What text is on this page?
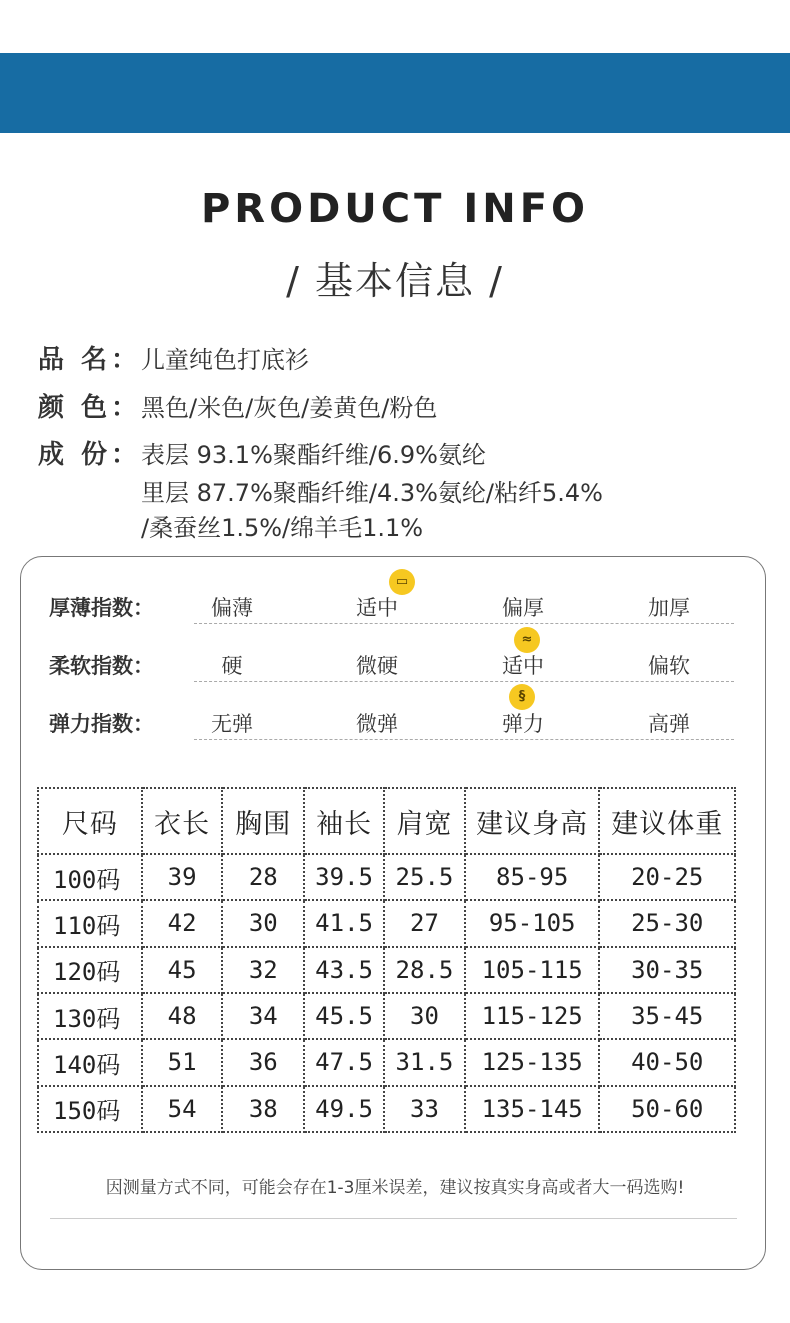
PRODUCT INFO
/ 基本信息 /
品 名： 儿童纯色打底衫
颜 色： 黑色/米色/灰色/姜黄色/粉色
成 份： 表层 93.1%聚酯纤维/6.9%氨纶
里层 87.7%聚酯纤维/4.3%氨纶/粘纤5.4%
/桑蚕丝1.5%/绵羊毛1.1%
厚薄指数：	偏薄	适中	偏厚	加厚
▭
柔软指数：	硬	微硬	适中	偏软
≈
弹力指数：	无弹	微弹	弹力	高弹
§
尺码	衣长	胸围	袖长	肩宽	建议身高	建议体重
100码	39	28	39.5	25.5	85-95	20-25
110码	42	30	41.5	27	95-105	25-30
120码	45	32	43.5	28.5	105-115	30-35
130码	48	34	45.5	30	115-125	35-45
140码	51	36	47.5	31.5	125-135	40-50
150码	54	38	49.5	33	135-145	50-60
因测量方式不同，可能会存在1-3厘米误差，建议按真实身高或者大一码选购!
